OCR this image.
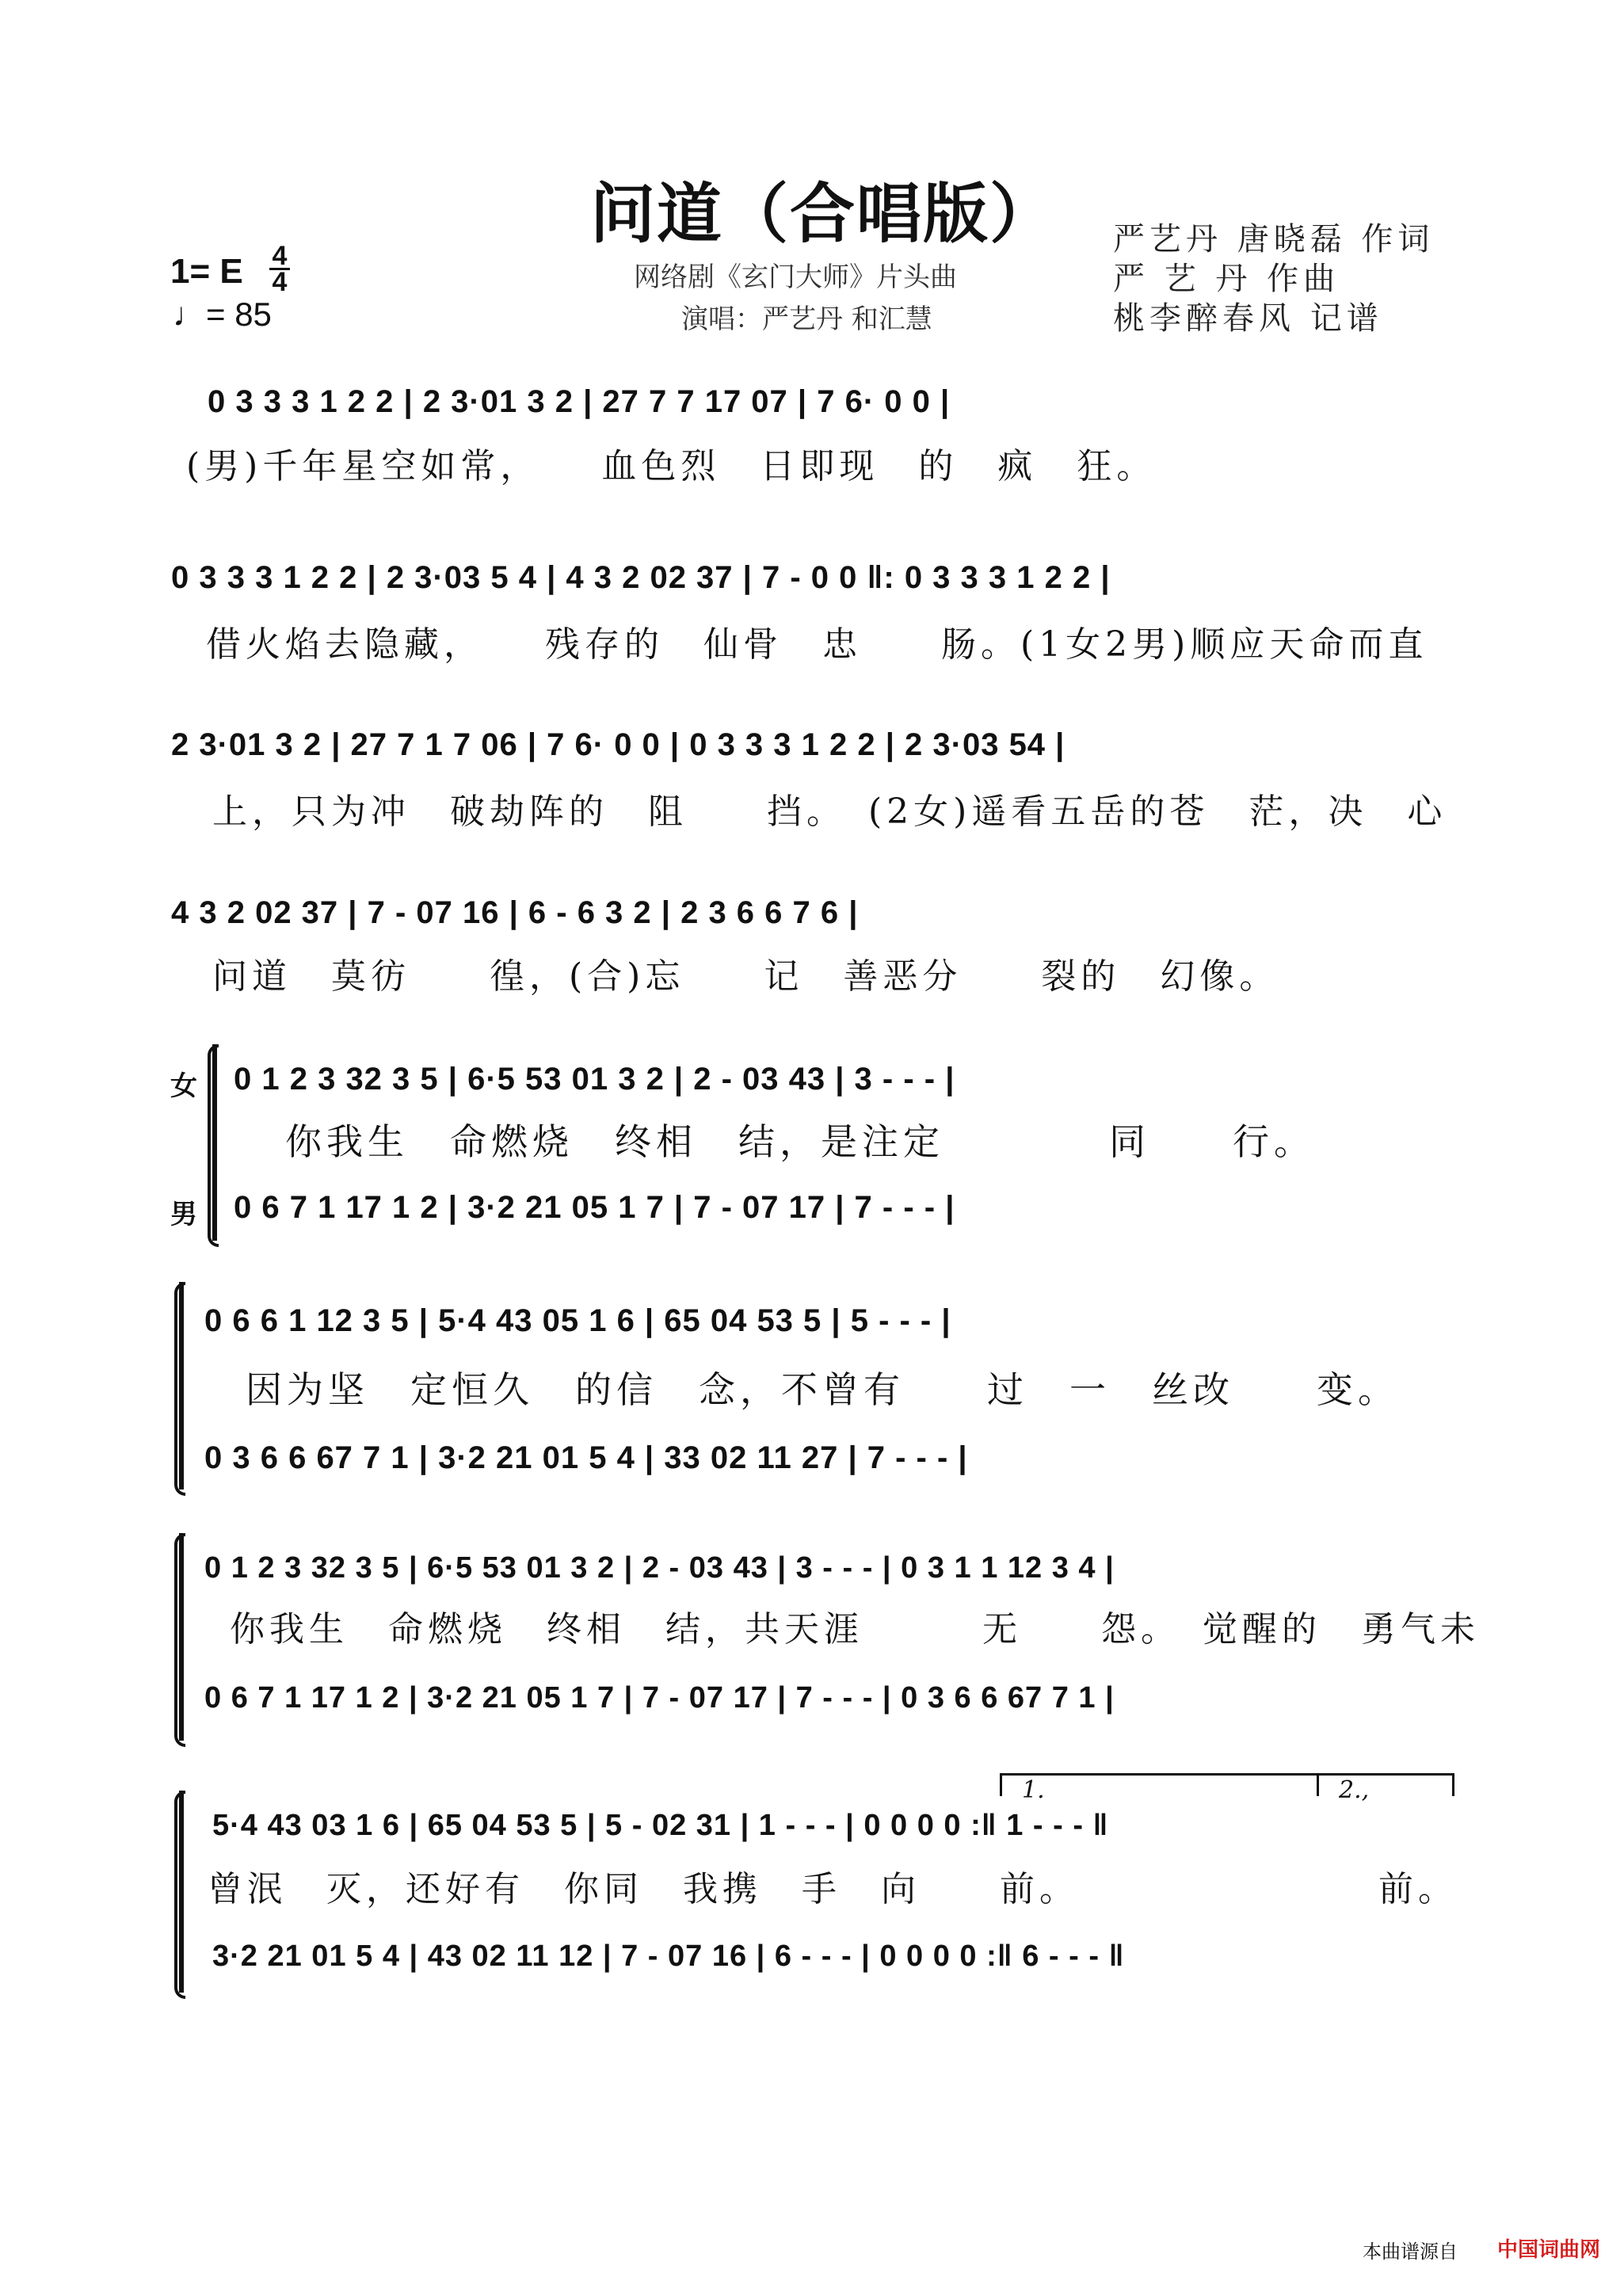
问道（合唱版）
网络剧《玄门大师》片头曲
演唱：严艺丹 和汇慧
1= E 4
4
♩= 85
严艺丹 唐晓磊 作词
严 艺 丹 作曲
桃李醉春风 记谱
0 3 3 3 1 2 2 | 2 3·01 3 2 | 27 7 7 17 07 | 7 6· 0 0 |
(男)千年星空如常，　　血色烈　日即现　的　疯　狂。
0 3 3 3 1 2 2 | 2 3·03 5 4 | 4 3 2 02 37 | 7 - 0 0 ‖: 0 3 3 3 1 2 2 |
借火焰去隐藏，　　残存的　仙骨　忠　　肠。(1女2男)顺应天命而直
2 3·01 3 2 | 27 7 1 7 06 | 7 6· 0 0 | 0 3 3 3 1 2 2 | 2 3·03 54 |
上，只为冲　破劫阵的　阻　　挡。　(2女)遥看五岳的苍　茫，决　心
4 3 2 02 37 | 7 - 07 16 | 6 - 6 3 2 | 2 3 6 6 7 6 |
问道　莫彷　　徨，(合)忘　　记　善恶分　　裂的　幻像。
女
男
0 1 2 3 32 3 5 | 6·5 53 01 3 2 | 2 - 03 43 | 3 - - - |
你我生　命燃烧　终相　结，是注定　　　　同　　行。
0 6 7 1 17 1 2 | 3·2 21 05 1 7 | 7 - 07 17 | 7 - - - |
0 6 6 1 12 3 5 | 5·4 43 05 1 6 | 65 04 53 5 | 5 - - - |
因为坚　定恒久　的信　念，不曾有　　过　一　丝改　　变。
0 3 6 6 67 7 1 | 3·2 21 01 5 4 | 33 02 11 27 | 7 - - - |
0 1 2 3 32 3 5 | 6·5 53 01 3 2 | 2 - 03 43 | 3 - - - | 0 3 1 1 12 3 4 |
你我生　命燃烧　终相　结，共天涯　　　无　　怨。　觉醒的　勇气未
0 6 7 1 17 1 2 | 3·2 21 05 1 7 | 7 - 07 17 | 7 - - - | 0 3 6 6 67 7 1 |
1.	2.,
5·4 43 03 1 6 | 65 04 53 5 | 5 - 02 31 | 1 - - - | 0 0 0 0 :‖ 1 - - - ‖
曾泯　灭，还好有　你同　我携　手　向　　前。　　　　　　　　前。
3·2 21 01 5 4 | 43 02 11 12 | 7 - 07 16 | 6 - - - | 0 0 0 0 :‖ 6 - - - ‖
本曲谱源自 中国词曲网
